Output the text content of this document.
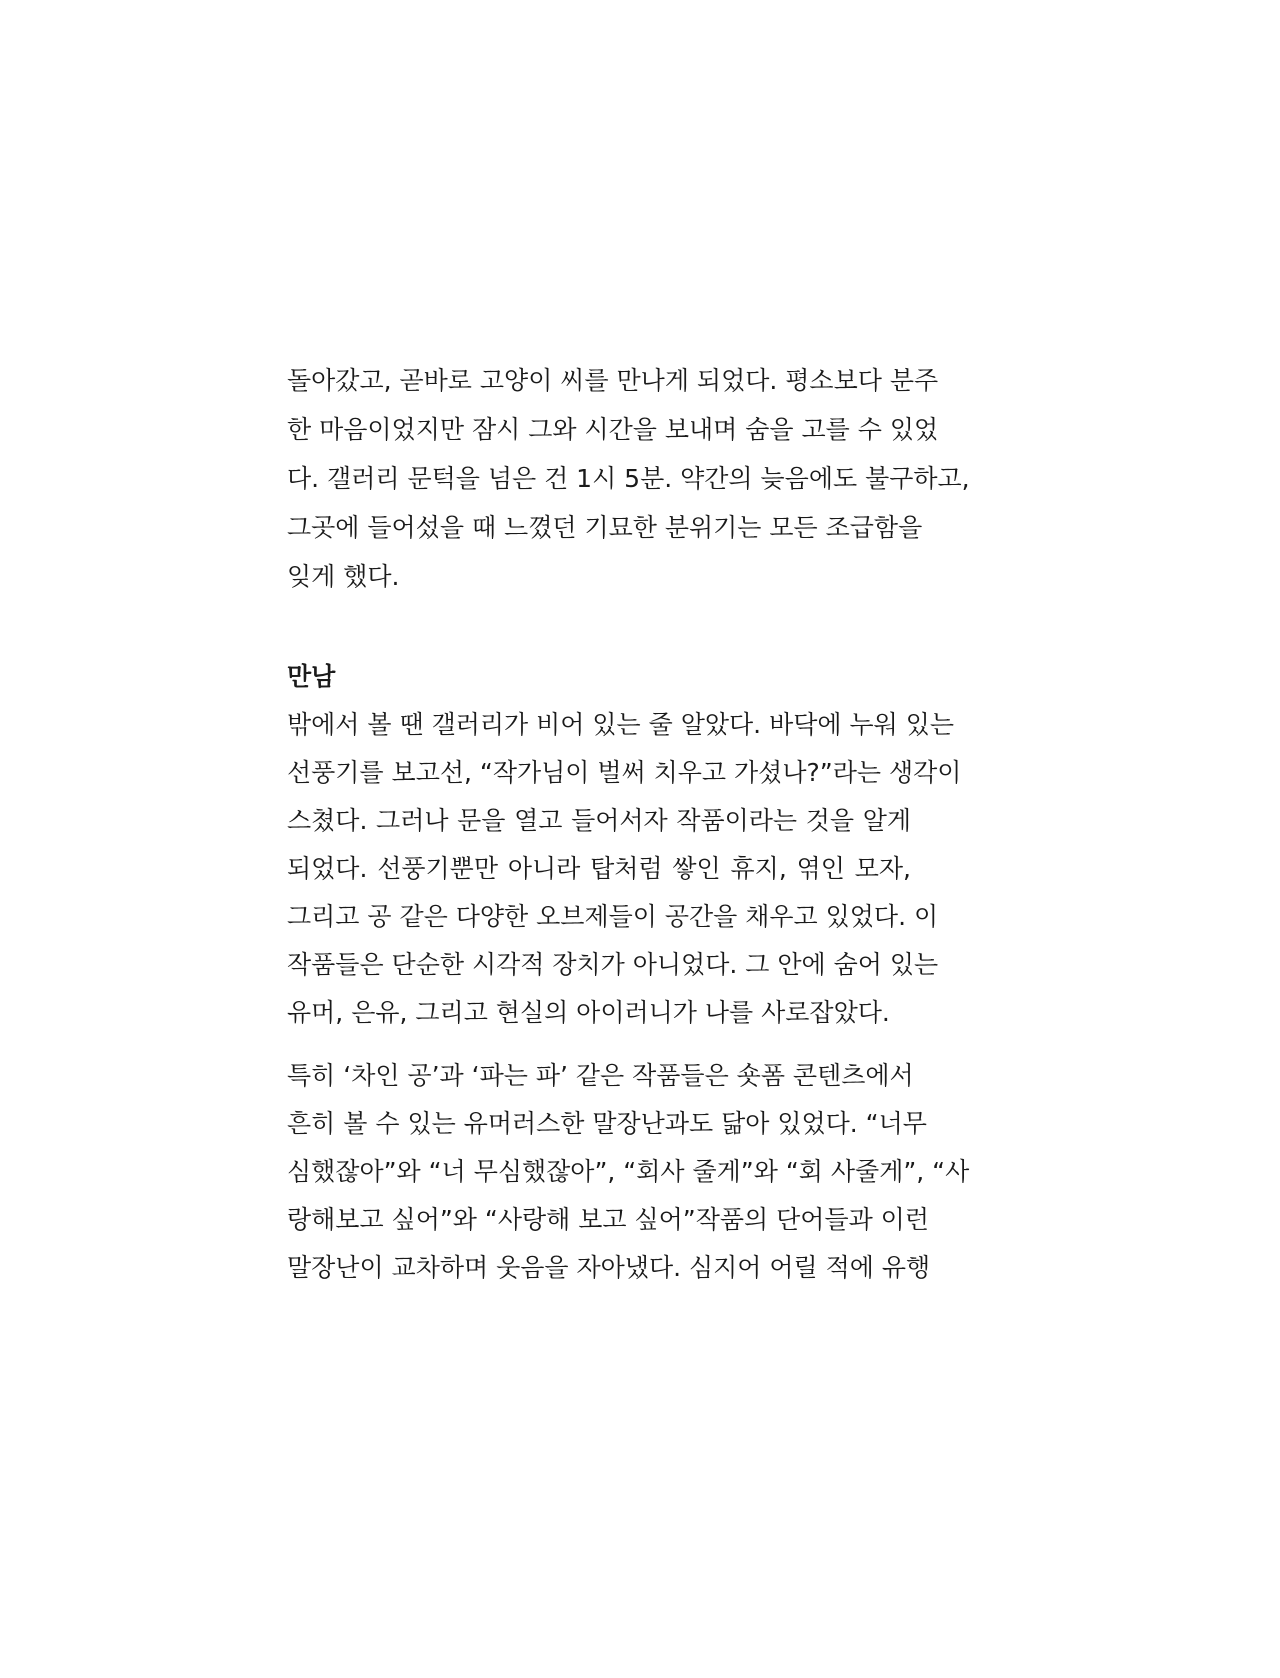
돌아갔고, 곧바로 고양이 씨를 만나게 되었다. 평소보다 분주
한 마음이었지만 잠시 그와 시간을 보내며 숨을 고를 수 있었
다. 갤러리 문턱을 넘은 건 1시 5분. 약간의 늦음에도 불구하고,
그곳에 들어섰을 때 느꼈던 기묘한 분위기는 모든 조급함을
잊게 했다.
만남
밖에서 볼 땐 갤러리가 비어 있는 줄 알았다. 바닥에 누워 있는
선풍기를 보고선, “작가님이 벌써 치우고 가셨나?”라는 생각이
스쳤다. 그러나 문을 열고 들어서자 작품이라는 것을 알게
되었다. 선풍기뿐만 아니라 탑처럼 쌓인 휴지, 엮인 모자,
그리고 공 같은 다양한 오브제들이 공간을 채우고 있었다. 이
작품들은 단순한 시각적 장치가 아니었다. 그 안에 숨어 있는
유머, 은유, 그리고 현실의 아이러니가 나를 사로잡았다.
특히 ‘차인 공’과 ‘파는 파’ 같은 작품들은 숏폼 콘텐츠에서
흔히 볼 수 있는 유머러스한 말장난과도 닮아 있었다. “너무
심했잖아”와 “너 무심했잖아”, “회사 줄게”와 “회 사줄게”, “사
랑해보고 싶어”와 “사랑해 보고 싶어”작품의 단어들과 이런
말장난이 교차하며 웃음을 자아냈다. 심지어 어릴 적에 유행
